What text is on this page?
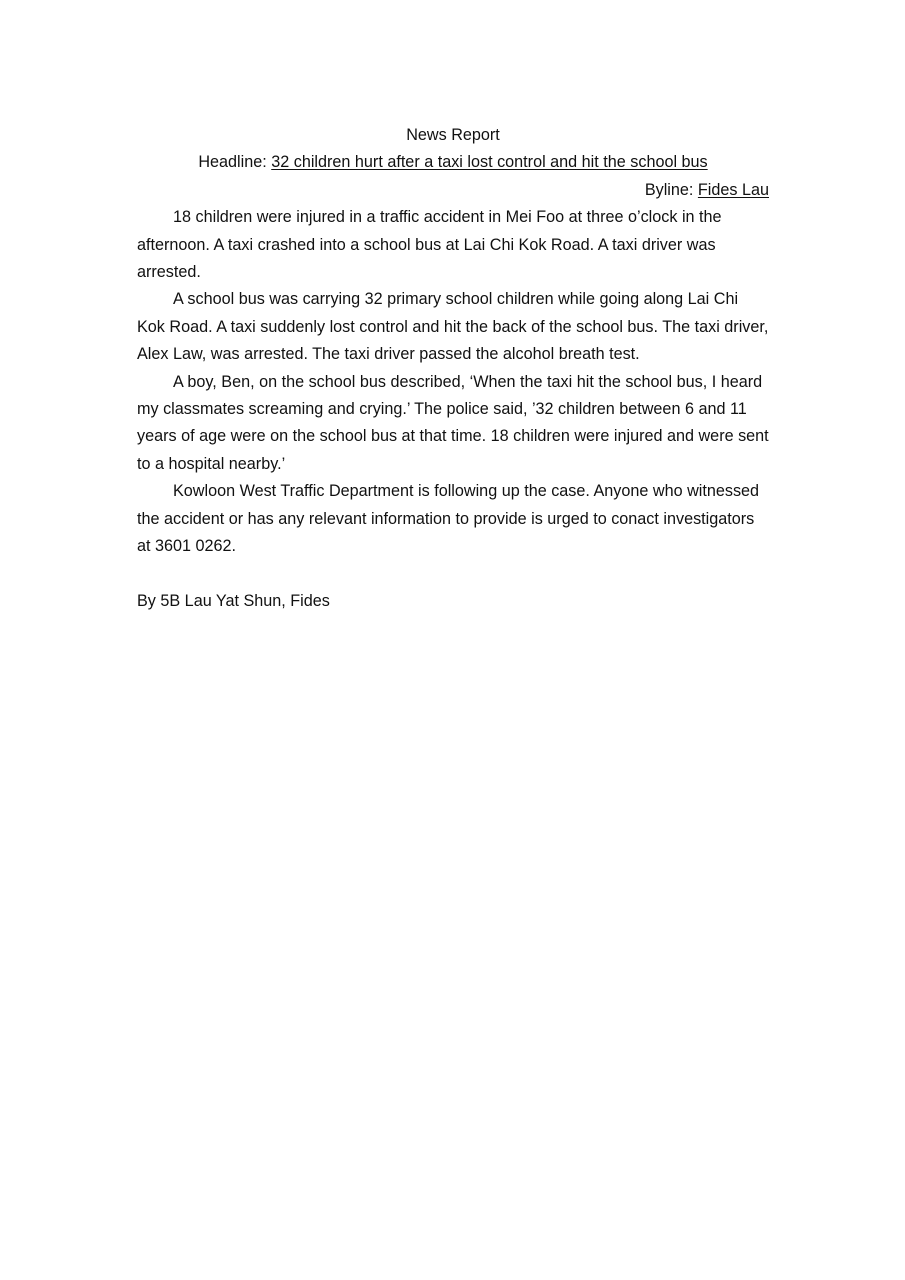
News Report

Headline: 32 children hurt after a taxi lost control and hit the school bus

Byline: Fides Lau

18 children were injured in a traffic accident in Mei Foo at three o’clock in the afternoon. A taxi crashed into a school bus at Lai Chi Kok Road. A taxi driver was arrested.

A school bus was carrying 32 primary school children while going along Lai Chi Kok Road. A taxi suddenly lost control and hit the back of the school bus. The taxi driver, Alex Law, was arrested. The taxi driver passed the alcohol breath test.

A boy, Ben, on the school bus described, ‘When the taxi hit the school bus, I heard my classmates screaming and crying.’ The police said, ’32 children between 6 and 11 years of age were on the school bus at that time. 18 children were injured and were sent to a hospital nearby.’

Kowloon West Traffic Department is following up the case. Anyone who witnessed the accident or has any relevant information to provide is urged to conact investigators at 3601 0262.

By 5B Lau Yat Shun, Fides
